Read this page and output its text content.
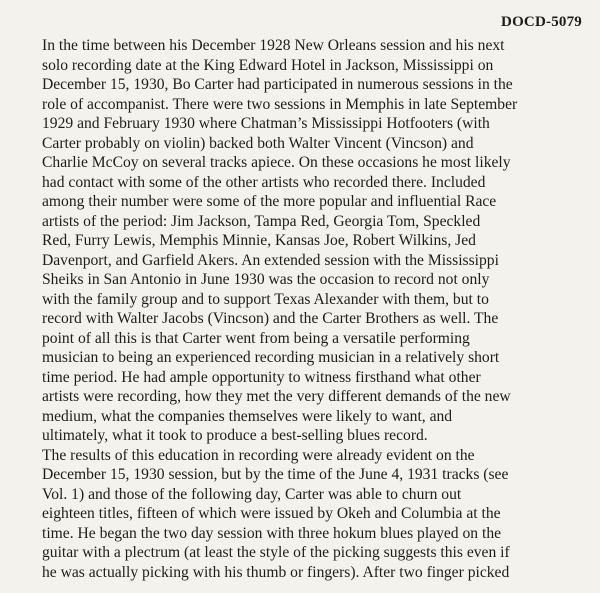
DOCD-5079
In the time between his December 1928 New Orleans session and his next
solo recording date at the King Edward Hotel in Jackson, Mississippi on
December 15, 1930, Bo Carter had participated in numerous sessions in the
role of accompanist. There were two sessions in Memphis in late September
1929 and February 1930 where Chatman’s Mississippi Hotfooters (with
Carter probably on violin) backed both Walter Vincent (Vincson) and
Charlie McCoy on several tracks apiece. On these occasions he most likely
had contact with some of the other artists who recorded there. Included
among their number were some of the more popular and influential Race
artists of the period: Jim Jackson, Tampa Red, Georgia Tom, Speckled
Red, Furry Lewis, Memphis Minnie, Kansas Joe, Robert Wilkins, Jed
Davenport, and Garfield Akers. An extended session with the Mississippi
Sheiks in San Antonio in June 1930 was the occasion to record not only
with the family group and to support Texas Alexander with them, but to
record with Walter Jacobs (Vincson) and the Carter Brothers as well. The
point of all this is that Carter went from being a versatile performing
musician to being an experienced recording musician in a relatively short
time period. He had ample opportunity to witness firsthand what other
artists were recording, how they met the very different demands of the new
medium, what the companies themselves were likely to want, and
ultimately, what it took to produce a best-selling blues record.
The results of this education in recording were already evident on the
December 15, 1930 session, but by the time of the June 4, 1931 tracks (see
Vol. 1) and those of the following day, Carter was able to churn out
eighteen titles, fifteen of which were issued by Okeh and Columbia at the
time. He began the two day session with three hokum blues played on the
guitar with a plectrum (at least the style of the picking suggests this even if
he was actually picking with his thumb or fingers). After two finger picked
